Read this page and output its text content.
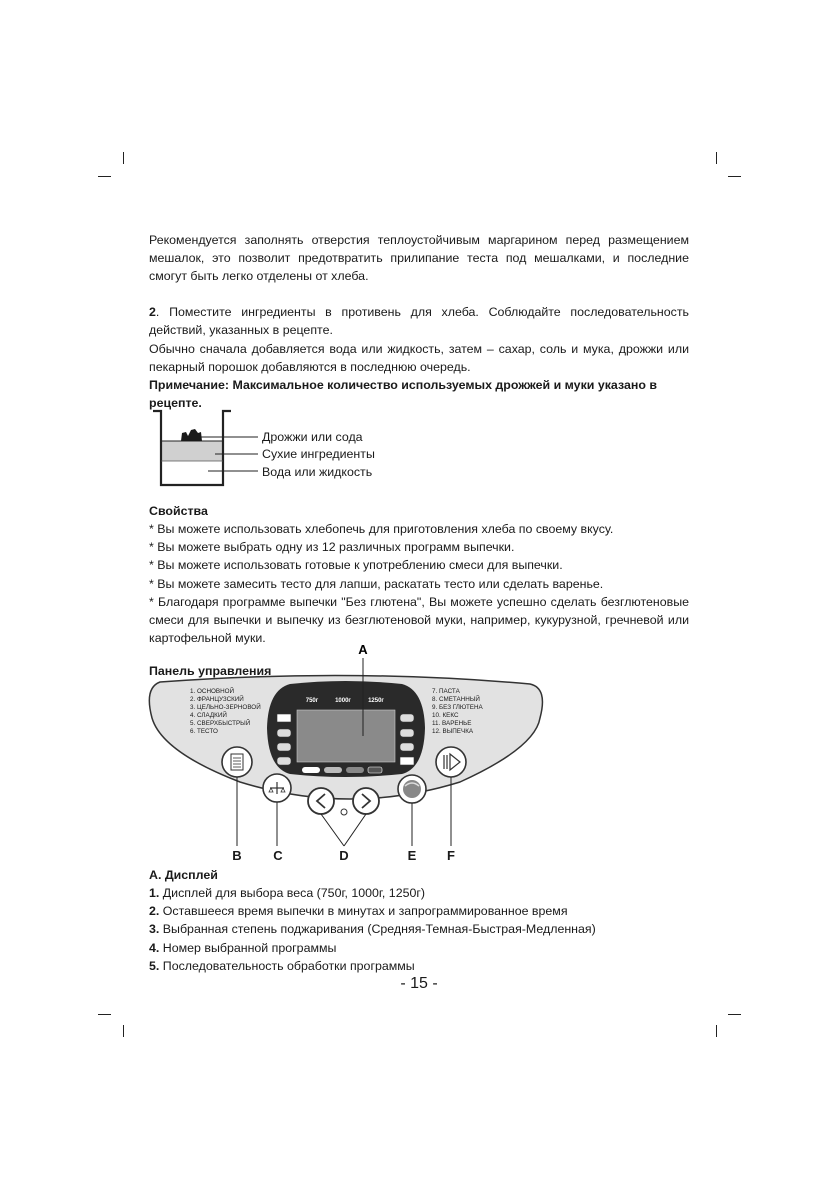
Рекомендуется заполнять отверстия теплоустойчивым маргарином перед размещением мешалок, это позволит предотвратить прилипание теста под мешалками, и последние смогут быть легко отделены от хлеба.
2. Поместите ингредиенты в противень для хлеба. Соблюдайте последовательность действий, указанных в рецепте.
Обычно сначала добавляется вода или жидкость, затем – сахар, соль и мука, дрожжи или пекарный порошок добавляются в последнюю очередь.
Примечание: Максимальное количество используемых дрожжей и муки указано в рецепте.
Дрожжи или сода
Сухие ингредиенты
Вода или жидкость
Свойства
* Вы можете использовать хлебопечь для приготовления хлеба по своему вкусу.
* Вы можете выбрать одну из 12 различных программ выпечки.
* Вы можете использовать готовые к употреблению смеси для выпечки.
* Вы можете замесить тесто для лапши, раскатать тесто или сделать варенье.
* Благодаря программе выпечки "Без глютена", Вы можете успешно сделать безглютеновые смеси для выпечки и выпечку из безглютеновой муки, например, кукурузной, гречневой или картофельной муки.
Панель управления
A
750г	1000г	1250г
1. ОСНОВНОЙ
2. ФРАНЦУЗСКИЙ
3. ЦЕЛЬНО-ЗЕРНОВОЙ
4. СЛАДКИЙ
5. СВЕРХБЫСТРЫЙ
6. ТЕСТО
7. ПАСТА
8. СМЕТАННЫЙ
9. БЕЗ ГЛЮТЕНА
10. КЕКС
11. ВАРЕНЬЕ
12. ВЫПЕЧКА
B C	D	E F
А. Дисплей
1. Дисплей для выбора веса (750г, 1000г, 1250г)
2. Оставшееся время выпечки в минутах и запрограммированное время
3. Выбранная степень поджаривания (Средняя-Темная-Быстрая-Медленная)
4. Номер выбранной программы
5. Последовательность обработки программы
- 15 -
